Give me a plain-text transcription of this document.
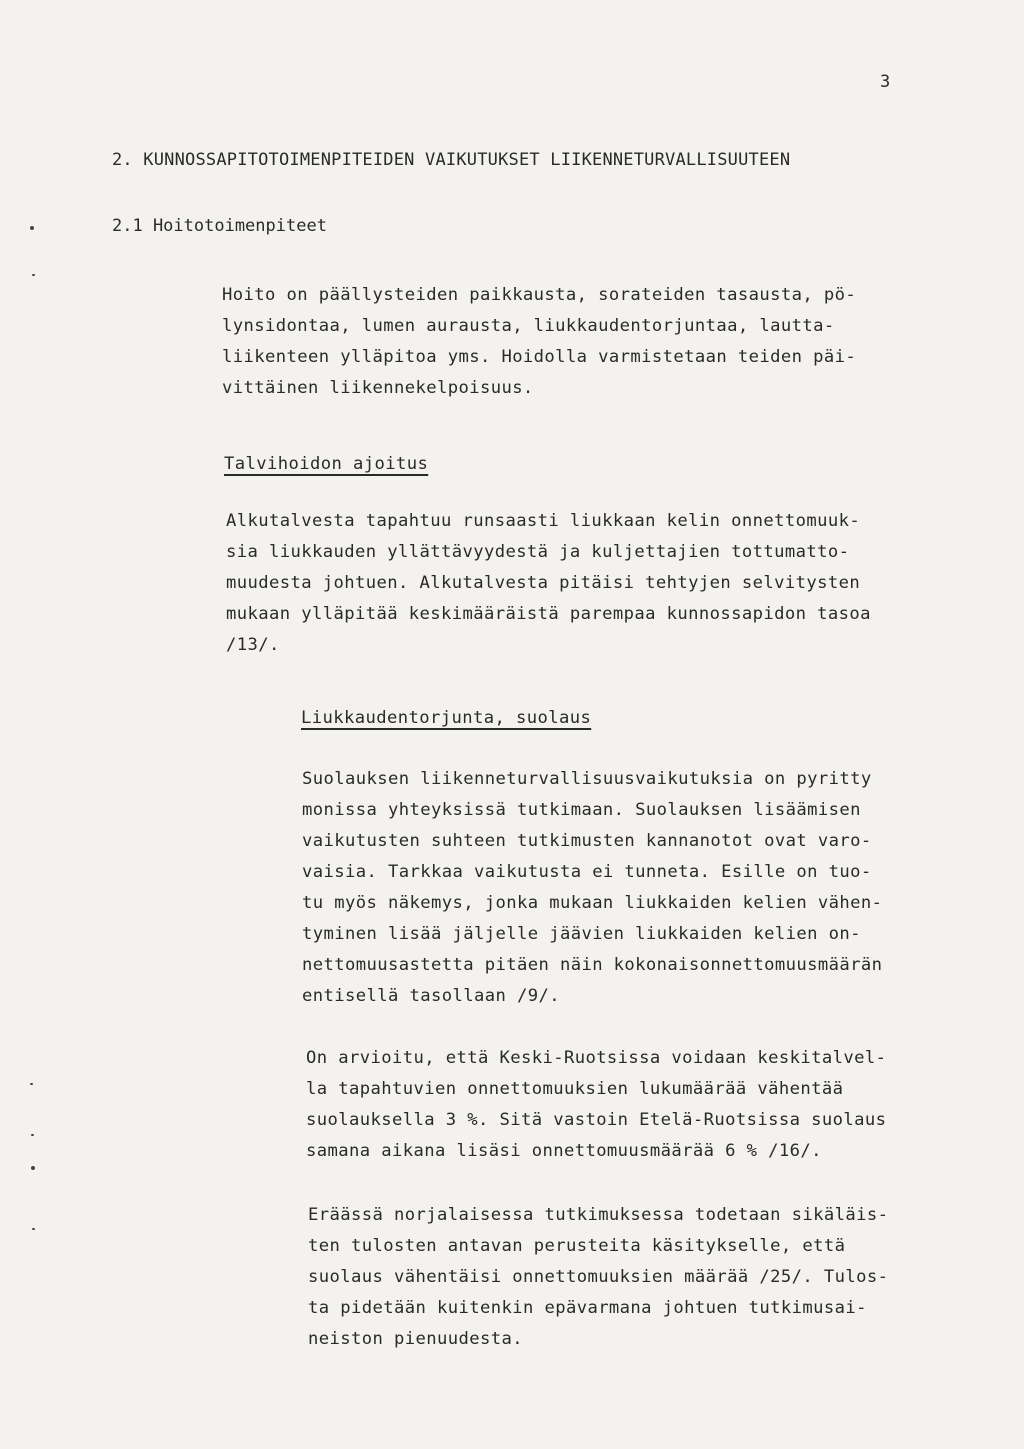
3
2. KUNNOSSAPITOTOIMENPITEIDEN VAIKUTUKSET LIIKENNETURVALLISUUTEEN
2.1 Hoitotoimenpiteet
Hoito on päällysteiden paikkausta, sorateiden tasausta, pö-
lynsidontaa, lumen aurausta, liukkaudentorjuntaa, lautta-
liikenteen ylläpitoa yms. Hoidolla varmistetaan teiden päi-
vittäinen liikennekelpoisuus.
Talvihoidon ajoitus
Alkutalvesta tapahtuu runsaasti liukkaan kelin onnettomuuk-
sia liukkauden yllättävyydestä ja kuljettajien tottumatto-
muudesta johtuen. Alkutalvesta pitäisi tehtyjen selvitysten
mukaan ylläpitää keskimääräistä parempaa kunnossapidon tasoa
/13/.
Liukkaudentorjunta, suolaus
Suolauksen liikenneturvallisuusvaikutuksia on pyritty
monissa yhteyksissä tutkimaan. Suolauksen lisäämisen
vaikutusten suhteen tutkimusten kannanotot ovat varo-
vaisia. Tarkkaa vaikutusta ei tunneta. Esille on tuo-
tu myös näkemys, jonka mukaan liukkaiden kelien vähen-
tyminen lisää jäljelle jäävien liukkaiden kelien on-
nettomuusastetta pitäen näin kokonaisonnettomuusmäärän
entisellä tasollaan /9/.
On arvioitu, että Keski-Ruotsissa voidaan keskitalvel-
la tapahtuvien onnettomuuksien lukumäärää vähentää
suolauksella 3 %. Sitä vastoin Etelä-Ruotsissa suolaus
samana aikana lisäsi onnettomuusmäärää 6 % /16/.
Eräässä norjalaisessa tutkimuksessa todetaan sikäläis-
ten tulosten antavan perusteita käsitykselle, että
suolaus vähentäisi onnettomuuksien määrää /25/. Tulos-
ta pidetään kuitenkin epävarmana johtuen tutkimusai-
neiston pienuudesta.
